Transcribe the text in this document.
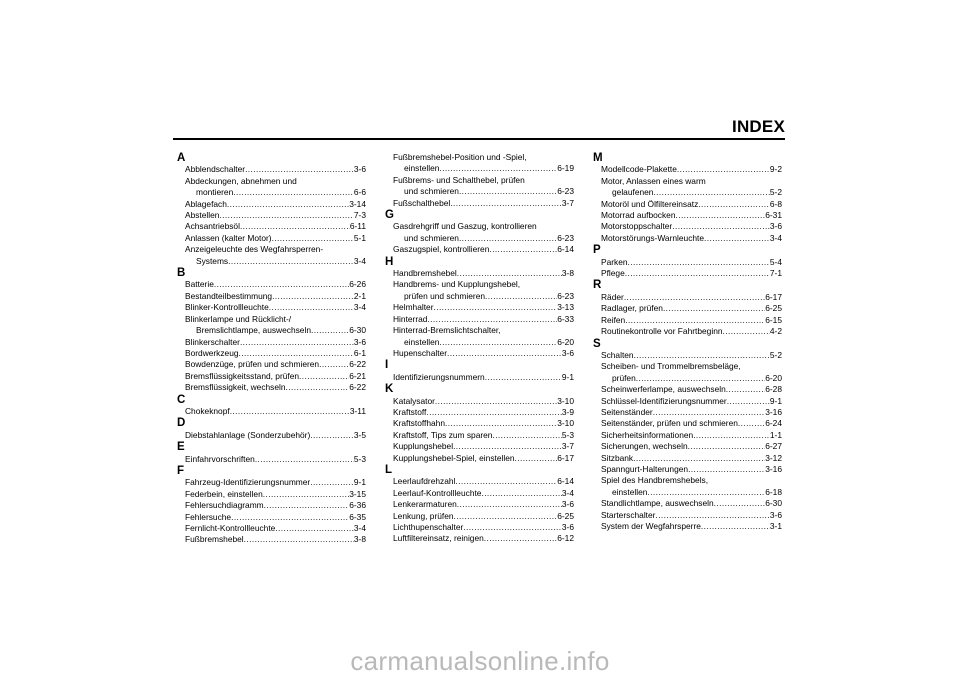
INDEX
A
Abblendschalter .....	3-6
Abdeckungen, abnehmen und
montieren .....	6-6
Ablagefach .....	3-14
Abstellen .....	7-3
Achsantriebsöl .....	6-11
Anlassen (kalter Motor) .....	5-1
Anzeigeleuchte des Wegfahrsperren-
Systems .....	3-4
B
Batterie .....	6-26
Bestandteilbestimmung .....	2-1
Blinker-Kontrollleuchte .....	3-4
Blinkerlampe und Rücklicht-/
Bremslichtlampe, auswechseln .....	6-30
Blinkerschalter .....	3-6
Bordwerkzeug .....	6-1
Bowdenzüge, prüfen und schmieren .....	6-22
Bremsflüssigkeitsstand, prüfen .....	6-21
Bremsflüssigkeit, wechseln .....	6-22
C
Chokeknopf .....	3-11
D
Diebstahlanlage (Sonderzubehör) .....	3-5
E
Einfahrvorschriften .....	5-3
F
Fahrzeug-Identifizierungsnummer .....	9-1
Federbein, einstellen .....	3-15
Fehlersuchdiagramm .....	6-36
Fehlersuche .....	6-35
Fernlicht-Kontrollleuchte .....	3-4
Fußbremshebel .....	3-8
Fußbremshebel-Position und -Spiel,
einstellen .....	6-19
Fußbrems- und Schalthebel, prüfen
und schmieren .....	6-23
Fußschalthebel .....	3-7
G
Gasdrehgriff und Gaszug, kontrollieren
und schmieren .....	6-23
Gaszugspiel, kontrollieren .....	6-14
H
Handbremshebel .....	3-8
Handbrems- und Kupplungshebel,
prüfen und schmieren .....	6-23
Helmhalter .....	3-13
Hinterrad .....	6-33
Hinterrad-Bremslichtschalter,
einstellen .....	6-20
Hupenschalter .....	3-6
I
Identifizierungsnummern .....	9-1
K
Katalysator .....	3-10
Kraftstoff .....	3-9
Kraftstoffhahn .....	3-10
Kraftstoff, Tips zum sparen .....	5-3
Kupplungshebel .....	3-7
Kupplungshebel-Spiel, einstellen .....	6-17
L
Leerlaufdrehzahl .....	6-14
Leerlauf-Kontrollleuchte .....	3-4
Lenkerarmaturen .....	3-6
Lenkung, prüfen .....	6-25
Lichthupenschalter .....	3-6
Luftfiltereinsatz, reinigen .....	6-12
M
Modellcode-Plakette .....	9-2
Motor, Anlassen eines warm
gelaufenen .....	5-2
Motoröl und Ölfiltereinsatz .....	6-8
Motorrad aufbocken .....	6-31
Motorstoppschalter .....	3-6
Motorstörungs-Warnleuchte .....	3-4
P
Parken .....	5-4
Pflege .....	7-1
R
Räder .....	6-17
Radlager, prüfen .....	6-25
Reifen .....	6-15
Routinekontrolle vor Fahrtbeginn .....	4-2
S
Schalten .....	5-2
Scheiben- und Trommelbremsbeläge,
prüfen .....	6-20
Scheinwerferlampe, auswechseln .....	6-28
Schlüssel-Identifizierungsnummer .....	9-1
Seitenständer .....	3-16
Seitenständer, prüfen und schmieren .....	6-24
Sicherheitsinformationen .....	1-1
Sicherungen, wechseln .....	6-27
Sitzbank .....	3-12
Spanngurt-Halterungen .....	3-16
Spiel des Handbremshebels,
einstellen .....	6-18
Standlichtlampe, auswechseln .....	6-30
Starterschalter .....	3-6
System der Wegfahrsperre .....	3-1
carmanualsonline.info
